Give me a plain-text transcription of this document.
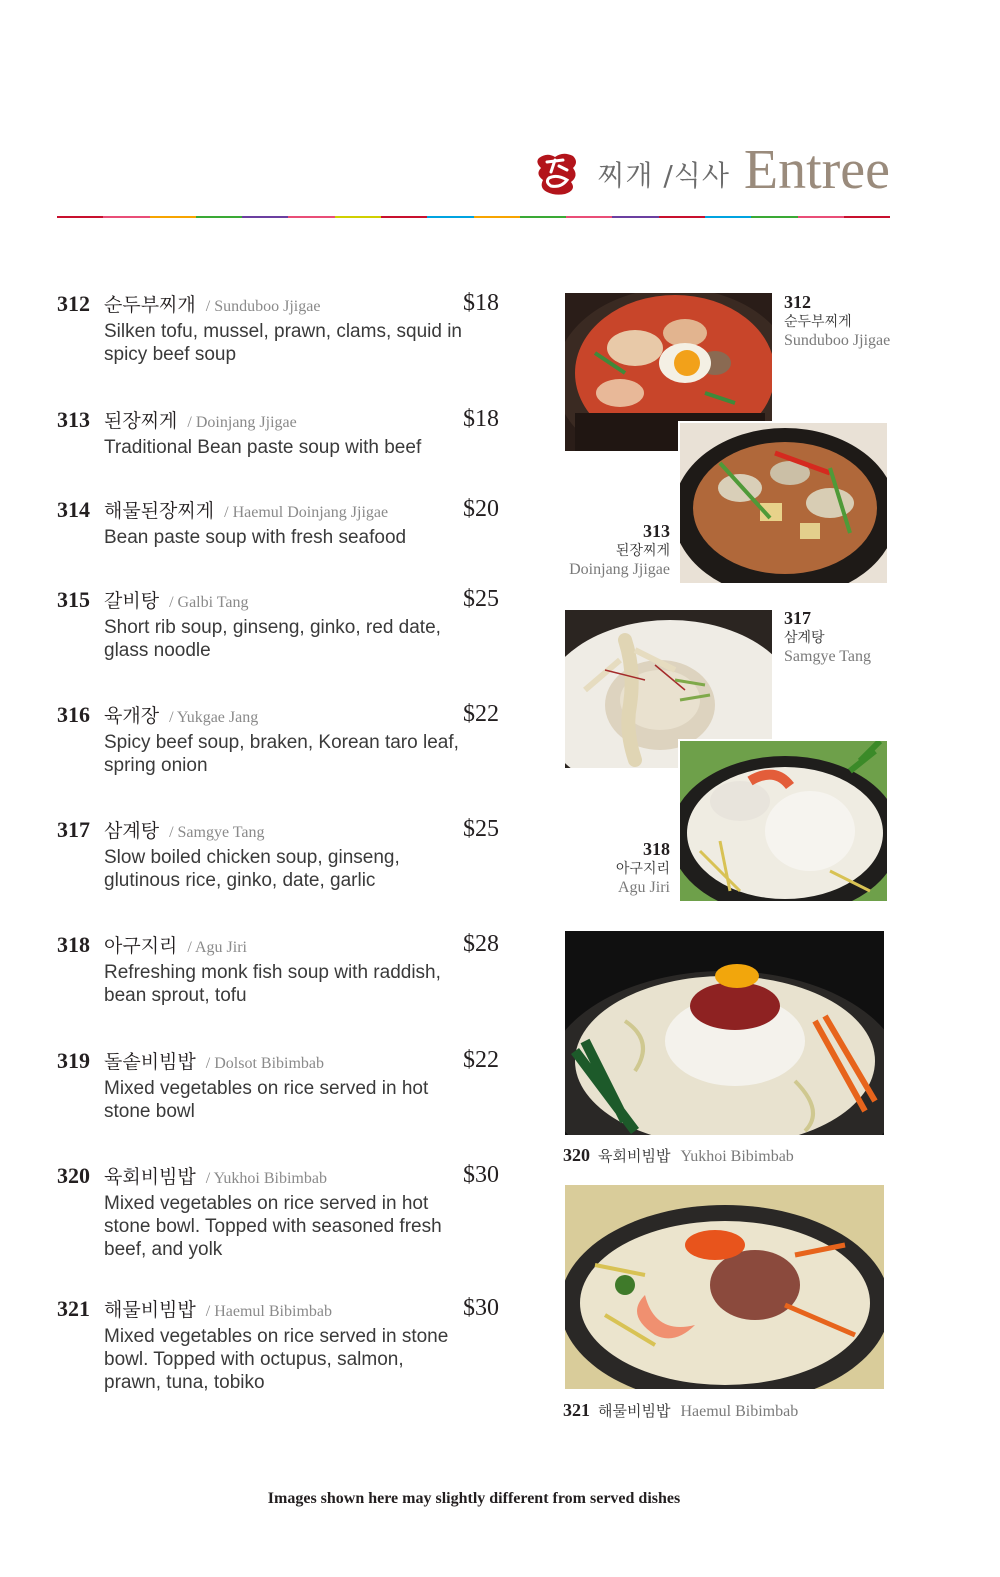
찌개 /식사 Entree
312 순두부찌개 / Sunduboo Jjigae	$18
Silken tofu, mussel, prawn, clams, squid in spicy beef soup
313 된장찌게 / Doinjang Jjigae	$18
Traditional Bean paste soup with beef
314 해물된장찌게 / Haemul Doinjang Jjigae	$20
Bean paste soup with fresh seafood
315 갈비탕 / Galbi Tang	$25
Short rib soup, ginseng, ginko, red date, glass noodle
316 육개장 / Yukgae Jang	$22
Spicy beef soup, braken, Korean taro leaf, spring onion
317 삼계탕 / Samgye Tang	$25
Slow boiled chicken soup, ginseng, glutinous rice, ginko, date, garlic
318 아구지리 / Agu Jiri	$28
Refreshing monk fish soup with raddish, bean sprout, tofu
319 돌솥비빔밥 / Dolsot Bibimbab	$22
Mixed vegetables on rice served in hot stone bowl
320 육회비빔밥 / Yukhoi Bibimbab	$30
Mixed vegetables on rice served in hot stone bowl. Topped with seasoned fresh beef, and yolk
321 해물비빔밥 / Haemul Bibimbab	$30
Mixed vegetables on rice served in stone bowl. Topped with octupus, salmon, prawn, tuna, tobiko
312
순두부찌게
Sunduboo Jjigae
313
된장찌게
Doinjang Jjigae
317
삼계탕
Samgye Tang
318
아구지리
Agu Jiri
320 육회비빔밥 Yukhoi Bibimbab
321 해물비빔밥 Haemul Bibimbab
Images shown here may slightly different from served dishes
